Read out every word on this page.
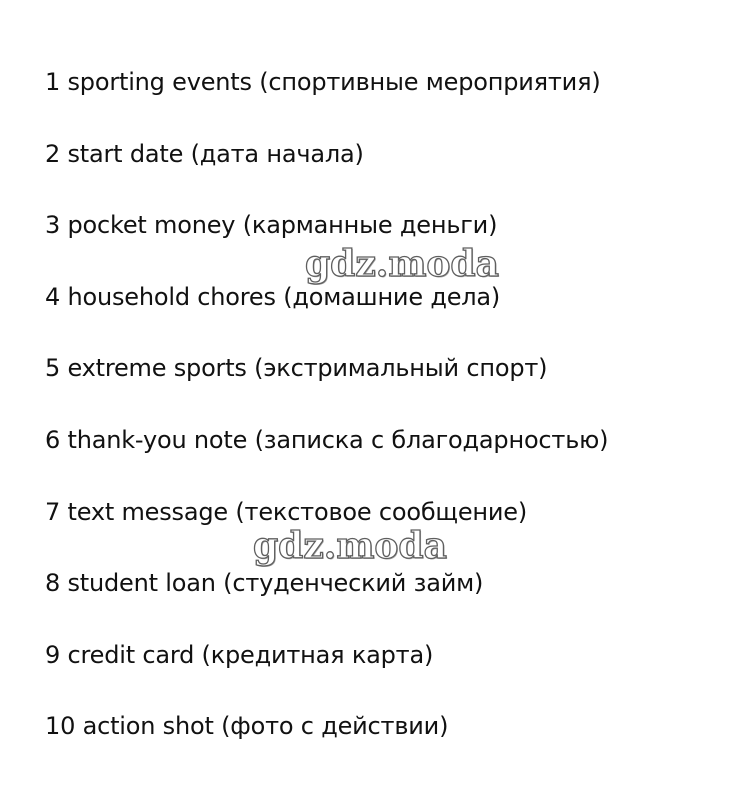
1 sporting events (спортивные мероприятия)
2 start date (дата начала)
3 pocket money (карманные деньги)
4 household chores (домашние дела)
5 extreme sports (экстримальный спорт)
6 thank-you note (записка с благодарностью)
7 text message (текстовое сообщение)
8 student loan (студенческий займ)
9 credit card (кредитная карта)
10 action shot (фото с действии)
gdz.moda
gdz.moda
